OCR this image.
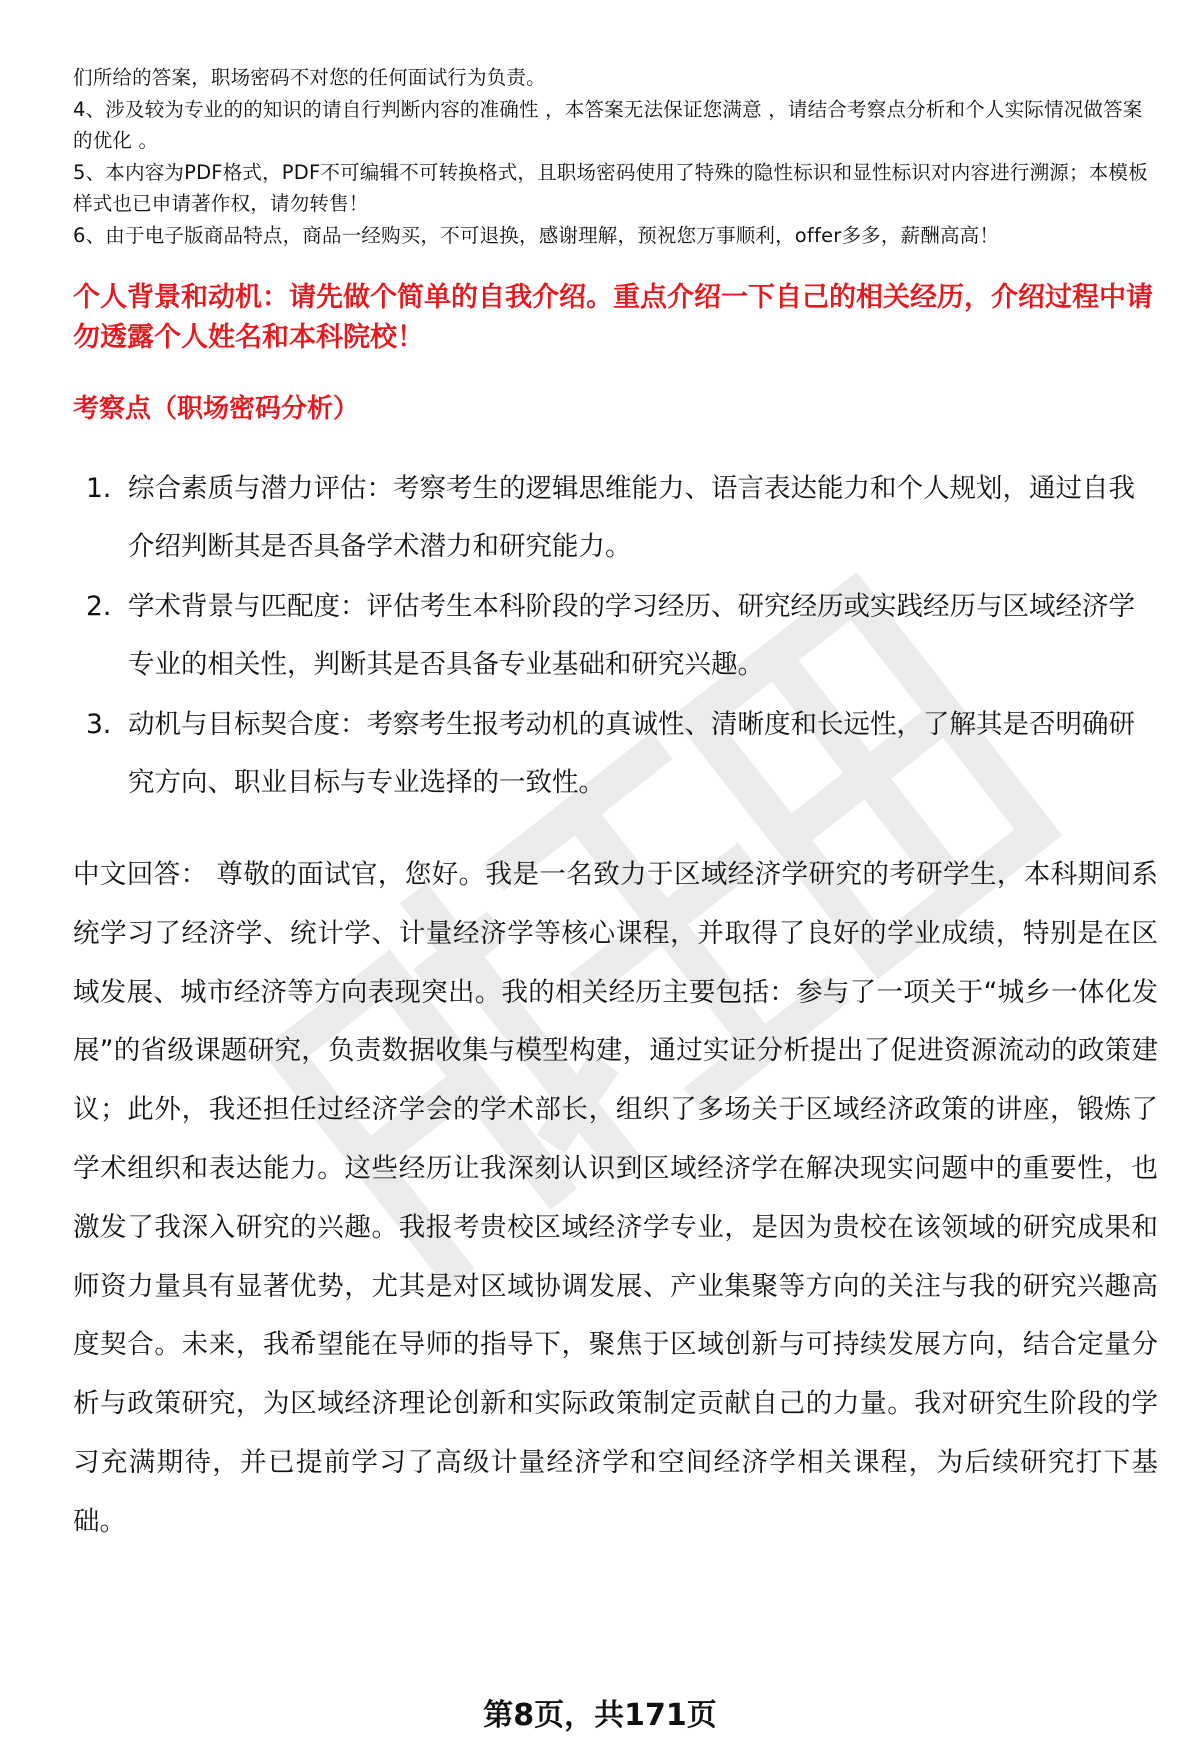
们所给的答案，职场密码不对您的任何面试行为负责。

4、涉及较为专业的的知识的请自行判断内容的准确性 ，本答案无法保证您满意 ，请结合考察点分析和个人实际情况做答案的优化 。

5、本内容为PDF格式，PDF不可编辑不可转换格式，且职场密码使用了特殊的隐性标识和显性标识对内容进行溯源；本模板样式也已申请著作权，请勿转售！

6、由于电子版商品特点，商品一经购买，不可退换，感谢理解，预祝您万事顺利，offer多多，薪酬高高！

个人背景和动机：请先做个简单的自我介绍。重点介绍一下自己的相关经历，介绍过程中请勿透露个人姓名和本科院校！
考察点（职场密码分析）
1. 综合素质与潜力评估：考察考生的逻辑思维能力、语言表达能力和个人规划，通过自我介绍判断其是否具备学术潜力和研究能力。
2. 学术背景与匹配度：评估考生本科阶段的学习经历、研究经历或实践经历与区域经济学专业的相关性，判断其是否具备专业基础和研究兴趣。
3. 动机与目标契合度：考察考生报考动机的真诚性、清晰度和长远性，了解其是否明确研究方向、职业目标与专业选择的一致性。

中文回答： 尊敬的面试官，您好。我是一名致力于区域经济学研究的考研学生，本科期间系统学习了经济学、统计学、计量经济学等核心课程，并取得了良好的学业成绩，特别是在区域发展、城市经济等方向表现突出。我的相关经历主要包括：参与了一项关于“城乡一体化发展”的省级课题研究，负责数据收集与模型构建，通过实证分析提出了促进资源流动的政策建议；此外，我还担任过经济学会的学术部长，组织了多场关于区域经济政策的讲座，锻炼了学术组织和表达能力。这些经历让我深刻认识到区域经济学在解决现实问题中的重要性，也激发了我深入研究的兴趣。我报考贵校区域经济学专业，是因为贵校在该领域的研究成果和师资力量具有显著优势，尤其是对区域协调发展、产业集聚等方向的关注与我的研究兴趣高度契合。未来，我希望能在导师的指导下，聚焦于区域创新与可持续发展方向，结合定量分析与政策研究，为区域经济理论创新和实际政策制定贡献自己的力量。我对研究生阶段的学习充满期待，并已提前学习了高级计量经济学和空间经济学相关课程，为后续研究打下基础。

第8页，共171页
